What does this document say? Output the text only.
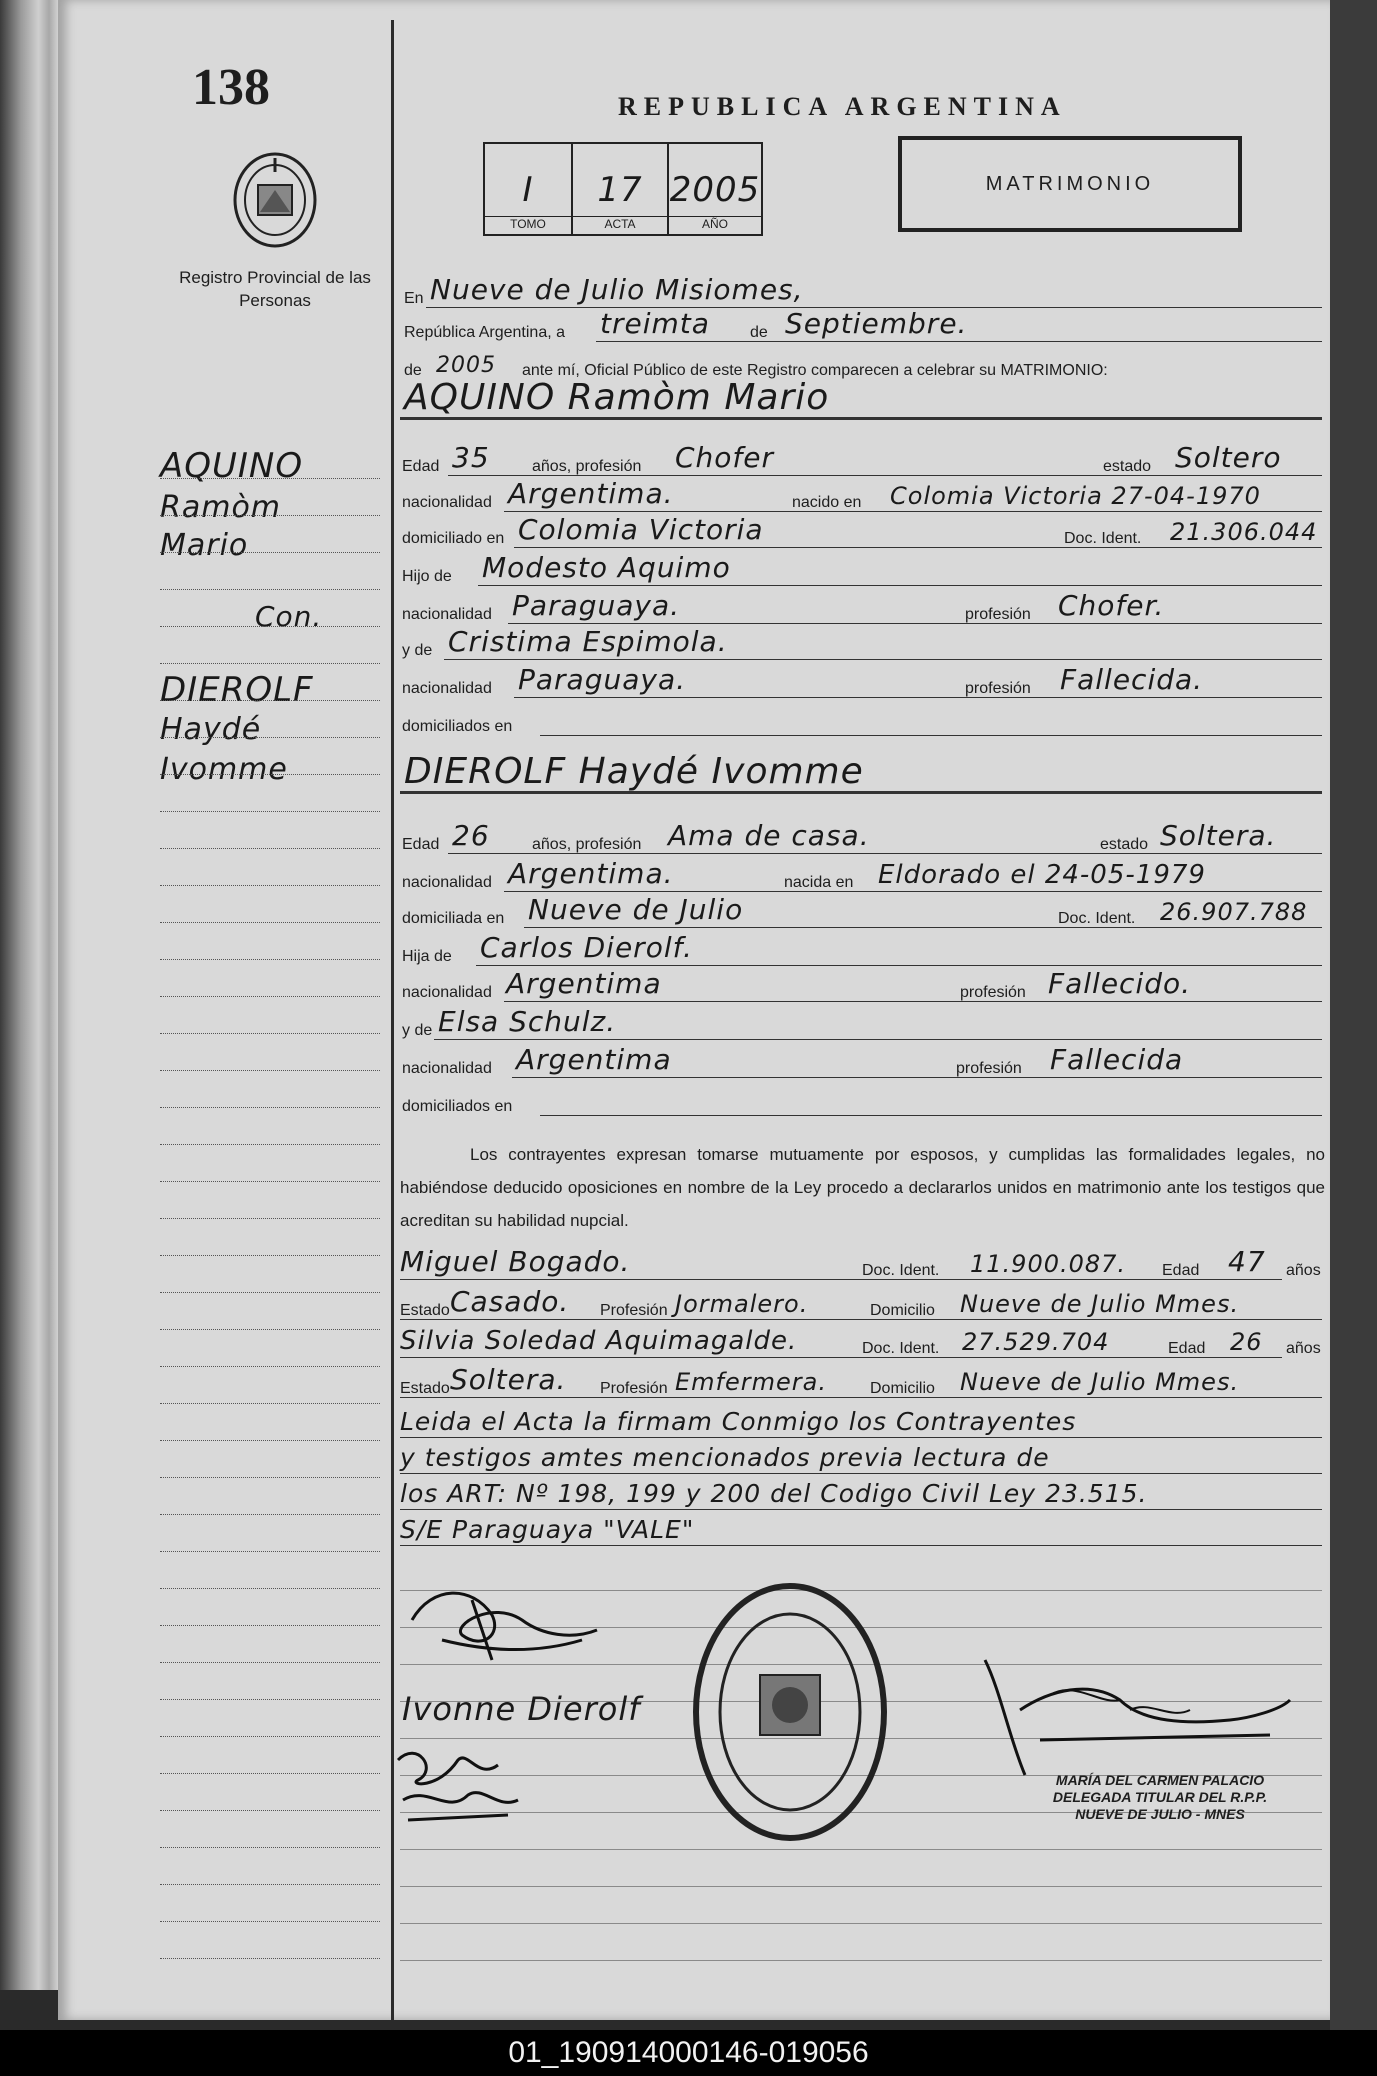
138
Registro Provincial de las Personas
AQUINO
Ramòm
Mario
Con.
DIEROLF
Haydé
Ivomme
REPUBLICA ARGENTINA
I
TOMO
17
ACTA
2005
AÑO
MATRIMONIO
En Nueve de Julio Misiomes,
República Argentina, a treimta	de Septiembre.
de 2005 ante mí, Oficial Público de este Registro comparecen a celebrar su MATRIMONIO:
AQUINO Ramòm Mario
Edad 35	años, profesión Chofer	estado Soltero
nacionalidad Argentima.	nacido en Colomia Victoria 27-04-1970
domiciliado en Colomia Victoria	Doc. Ident. 21.306.044
Hijo de Modesto Aquimo
nacionalidad Paraguaya.	profesión Chofer.
y de Cristima Espimola.
nacionalidad Paraguaya.	profesión Fallecida.
domiciliados en
DIEROLF Haydé Ivomme
Edad 26	años, profesión Ama de casa.	estado Soltera.
nacionalidad Argentima.	nacida en Eldorado el 24-05-1979
domiciliada en Nueve de Julio	Doc. Ident. 26.907.788
Hija de Carlos Dierolf.
nacionalidad Argentima	profesión Fallecido.
y de Elsa Schulz.
nacionalidad Argentima	profesión Fallecida
domiciliados en
Los contrayentes expresan tomarse mutuamente por esposos, y cumplidas las formalidades legales, no habiéndose deducido oposiciones en nombre de la Ley procedo a declararlos unidos en matrimonio ante los testigos que acreditan su habilidad nupcial.
Miguel Bogado.	Doc. Ident. 11.900.087. Edad 47 años
Estado Casado. Profesión Jormalero.	Domicilio Nueve de Julio Mmes.
Silvia Soledad Aquimagalde.	Doc. Ident. 27.529.704	Edad 26 años
Estado Soltera. Profesión Emfermera.	Domicilio Nueve de Julio Mmes.
Leida el Acta la firmam Conmigo los Contrayentes
y testigos amtes mencionados previa lectura de
los ART: Nº 198, 199 y 200 del Codigo Civil Ley 23.515.
S/E Paraguaya "VALE"
Ivonne Dierolf
MARÍA DEL CARMEN PALACIO
DELEGADA TITULAR DEL R.P.P.
NUEVE DE JULIO - MNES
01_190914000146-019056
